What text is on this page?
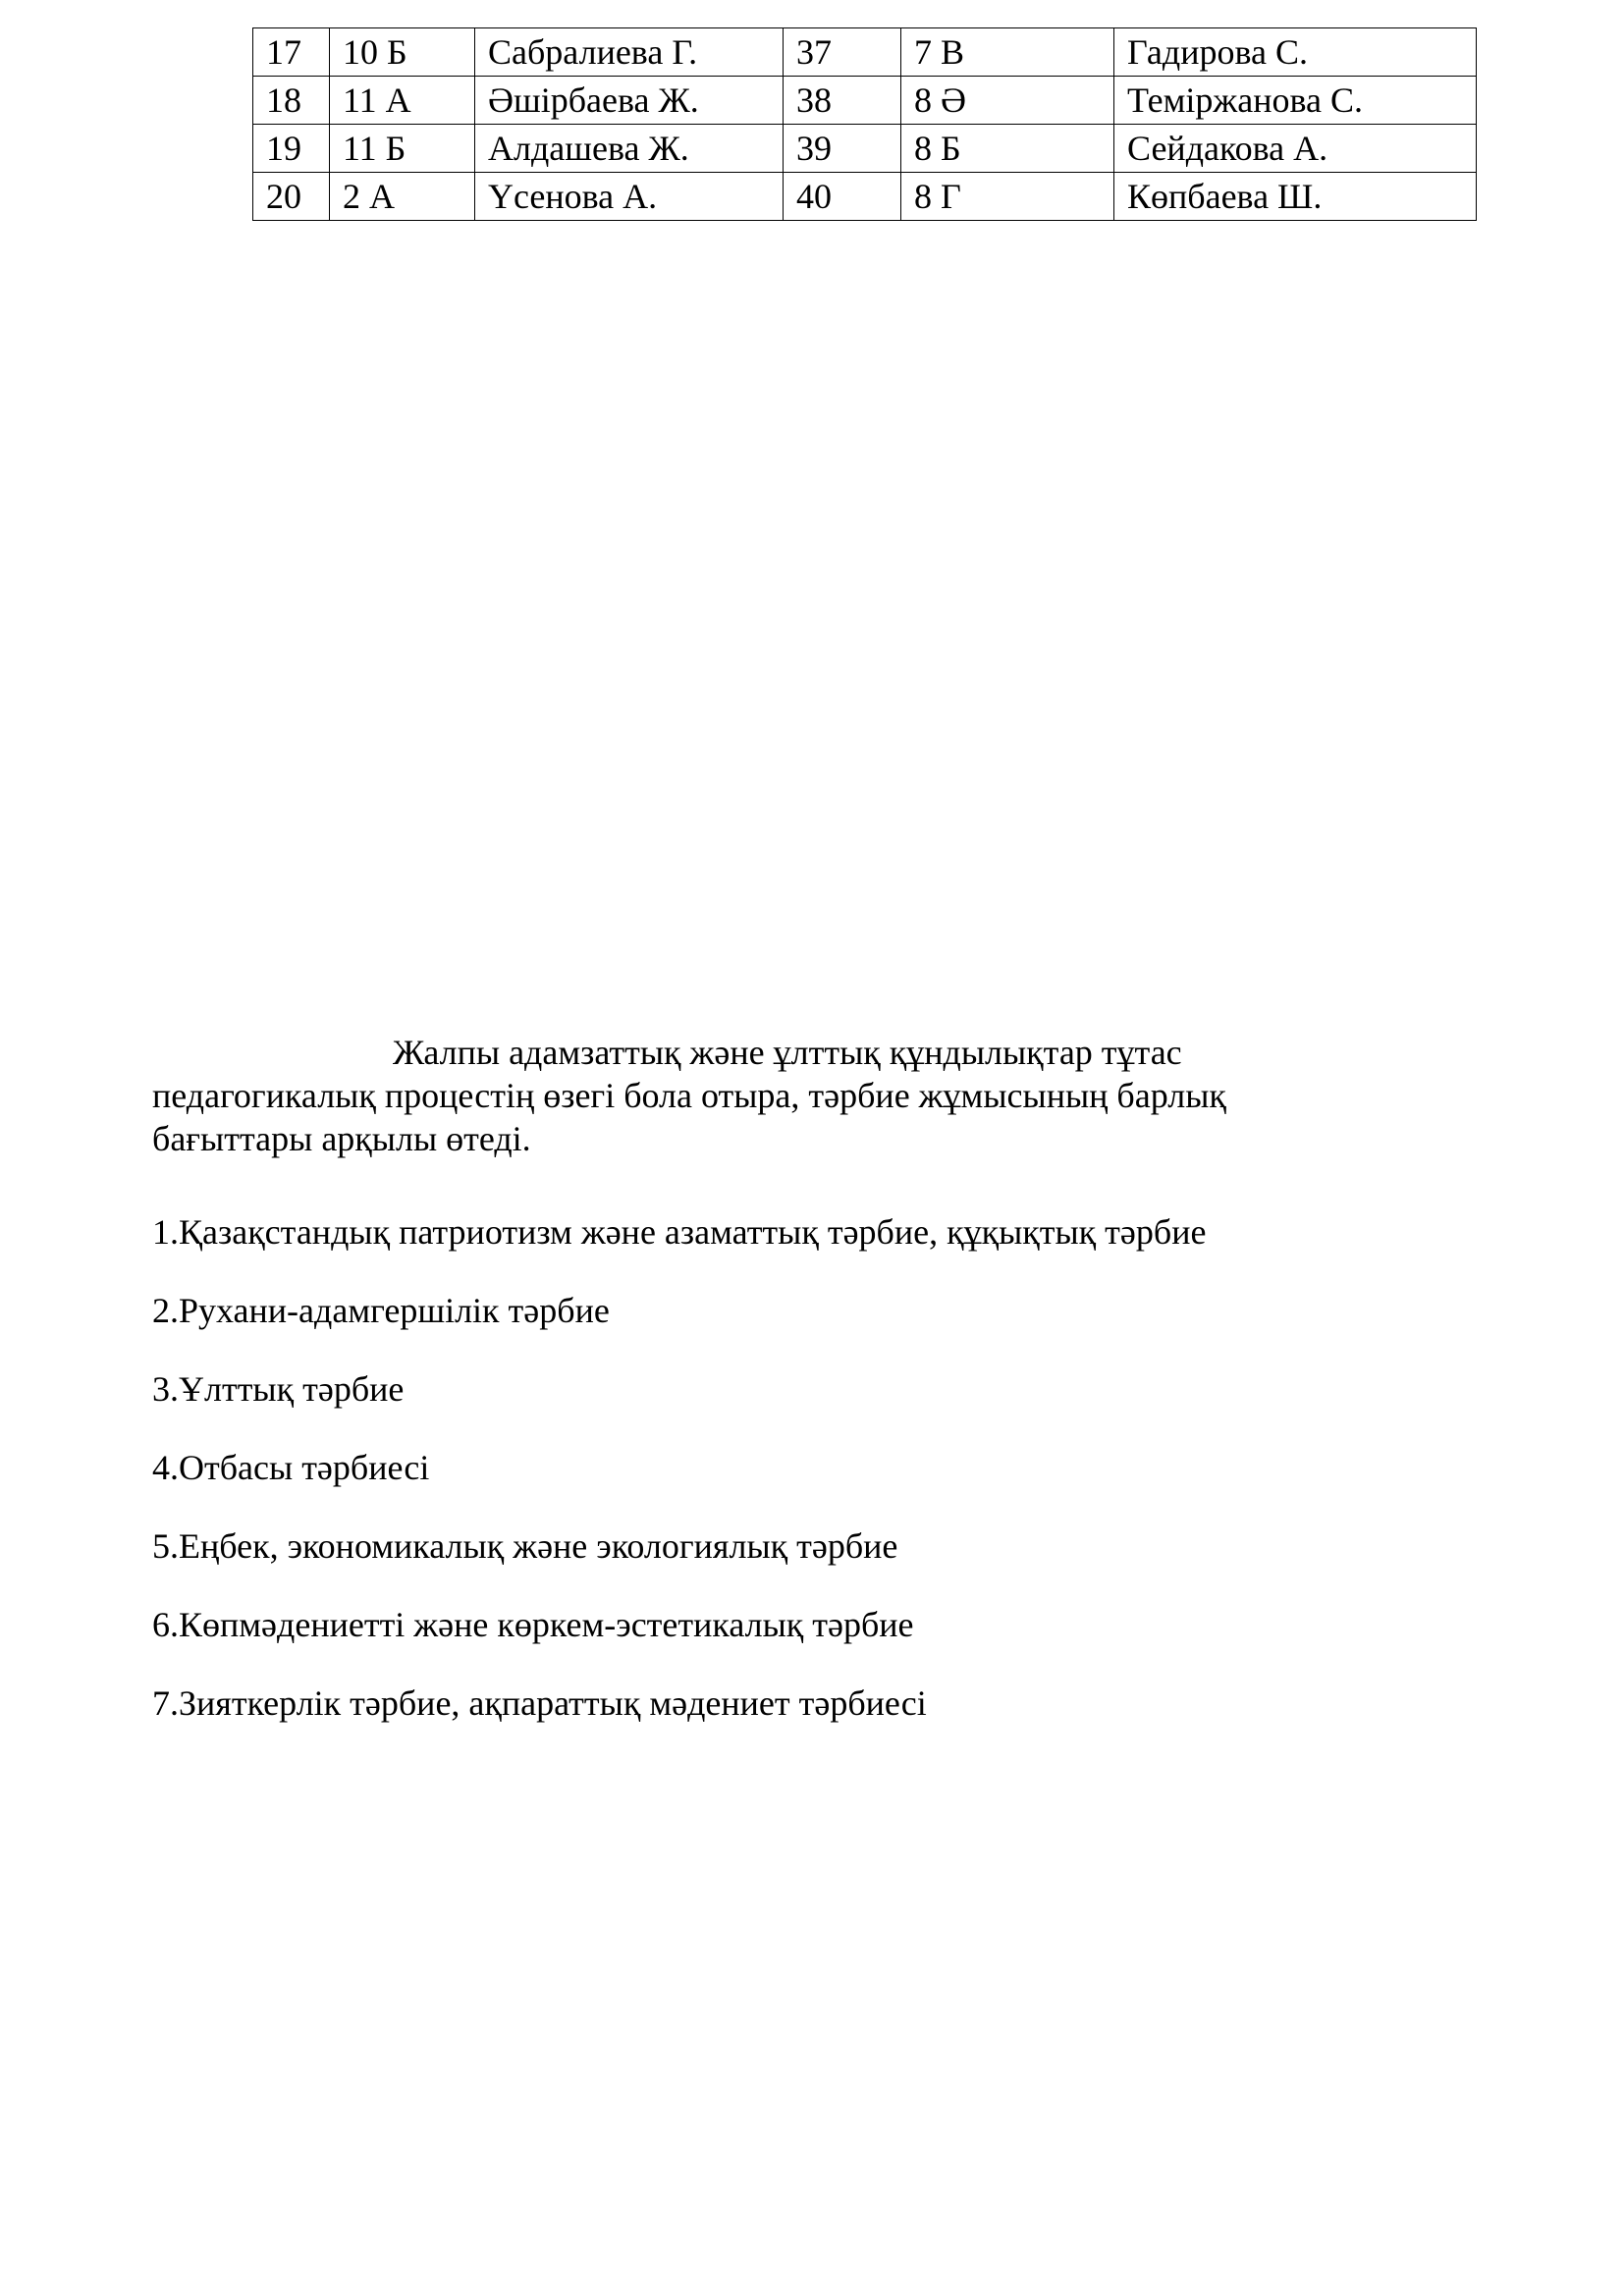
17	10 Б	Сабралиева Г.	37	7 В	Гадирова С.
18	11 А	Әшірбаева Ж.	38	8 Ә	Теміржанова С.
19	11 Б	Алдашева Ж.	39	8 Б	Сейдакова А.
20	2 А	Үсенова А.	40	8 Г	Көпбаева Ш.

Жалпы адамзаттық және ұлттық құндылықтар тұтас педагогикалық процестің өзегі бола отыра, тәрбие жұмысының барлық бағыттары арқылы өтеді.

1.Қазақстандық патриотизм және азаматтық тәрбие, құқықтық тәрбие
2.Рухани-адамгершілік тәрбие
3.Ұлттық тәрбие
4.Отбасы тәрбиесі
5.Еңбек, экономикалық және экологиялық тәрбие
6.Көпмәдениетті және көркем-эстетикалық тәрбие
7.Зияткерлік тәрбие, ақпараттық мәдениет тәрбиесі
